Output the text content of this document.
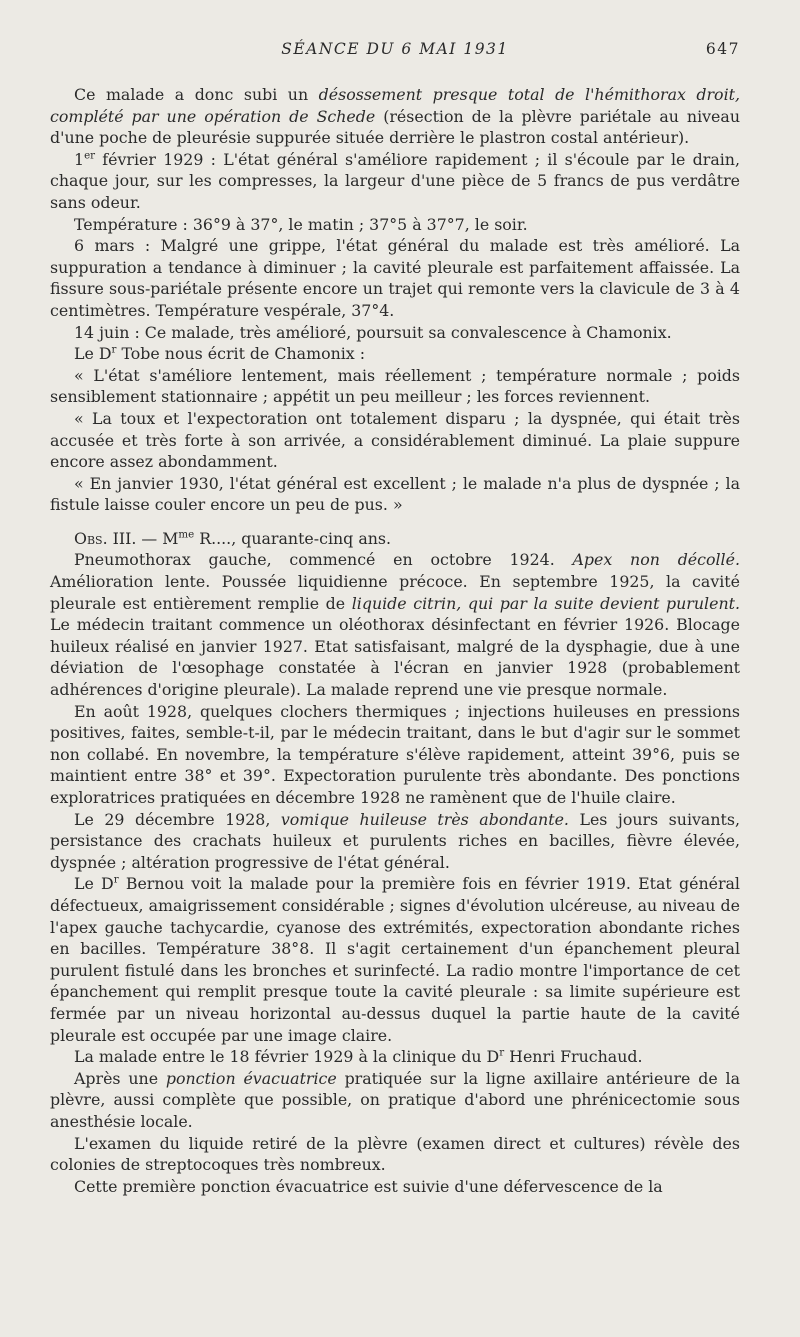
SÉANCE DU 6 MAI 1931	647

Ce malade a donc subi un désossement presque total de l'hémithorax droit, complété par une opération de Schede (résection de la plèvre pariétale au niveau d'une poche de pleurésie suppurée située derrière le plastron costal antérieur).

1er février 1929 : L'état général s'améliore rapidement ; il s'écoule par le drain, chaque jour, sur les compresses, la largeur d'une pièce de 5 francs de pus verdâtre sans odeur.

Température : 36°9 à 37°, le matin ; 37°5 à 37°7, le soir.

6 mars : Malgré une grippe, l'état général du malade est très amélioré. La suppuration a tendance à diminuer ; la cavité pleurale est parfaitement affaissée. La fissure sous-pariétale présente encore un trajet qui remonte vers la clavicule de 3 à 4 centimètres. Température vespérale, 37°4.

14 juin : Ce malade, très amélioré, poursuit sa convalescence à Chamonix.

Le $D^r$ Tobe nous écrit de Chamonix :

« L'état s'améliore lentement, mais réellement ; température normale ; poids sensiblement stationnaire ; appétit un peu meilleur ; les forces reviennent.

« La toux et l'expectoration ont totalement disparu ; la dyspnée, qui était très accusée et très forte à son arrivée, a considérablement diminué. La plaie suppure encore assez abondamment.

« En janvier 1930, l'état général est excellent ; le malade n'a plus de dyspnée ; la fistule laisse couler encore un peu de pus. »

Obs. III. — $M^{me}$ R...., quarante-cinq ans.

Pneumothorax gauche, commencé en octobre 1924. Apex non décollé. Amélioration lente. Poussée liquidienne précoce. En septembre 1925, la cavité pleurale est entièrement remplie de liquide citrin, qui par la suite devient purulent. Le médecin traitant commence un oléothorax désinfectant en février 1926. Blocage huileux réalisé en janvier 1927. Etat satisfaisant, malgré de la dysphagie, due à une déviation de l'œsophage constatée à l'écran en janvier 1928 (probablement adhérences d'origine pleurale). La malade reprend une vie presque normale.

En août 1928, quelques clochers thermiques ; injections huileuses en pressions positives, faites, semble-t-il, par le médecin traitant, dans le but d'agir sur le sommet non collabé. En novembre, la température s'élève rapidement, atteint 39°6, puis se maintient entre 38° et 39°. Expectoration purulente très abondante. Des ponctions exploratrices pratiquées en décembre 1928 ne ramènent que de l'huile claire.

Le 29 décembre 1928, vomique huileuse très abondante. Les jours suivants, persistance des crachats huileux et purulents riches en bacilles, fièvre élevée, dyspnée ; altération progressive de l'état général.

Le $D^r$ Bernou voit la malade pour la première fois en février 1919. Etat général défectueux, amaigrissement considérable ; signes d'évolution ulcéreuse, au niveau de l'apex gauche tachycardie, cyanose des extrémités, expectoration abondante riches en bacilles. Température 38°8. Il s'agit certainement d'un épanchement pleural purulent fistulé dans les bronches et surinfecté. La radio montre l'importance de cet épanchement qui remplit presque toute la cavité pleurale : sa limite supérieure est fermée par un niveau horizontal au-dessus duquel la partie haute de la cavité pleurale est occupée par une image claire.

La malade entre le 18 février 1929 à la clinique du $D^r$ Henri Fruchaud.

Après une ponction évacuatrice pratiquée sur la ligne axillaire antérieure de la plèvre, aussi complète que possible, on pratique d'abord une phrénicectomie sous anesthésie locale.

L'examen du liquide retiré de la plèvre (examen direct et cultures) révèle des colonies de streptocoques très nombreux.

Cette première ponction évacuatrice est suivie d'une défervescence de la
